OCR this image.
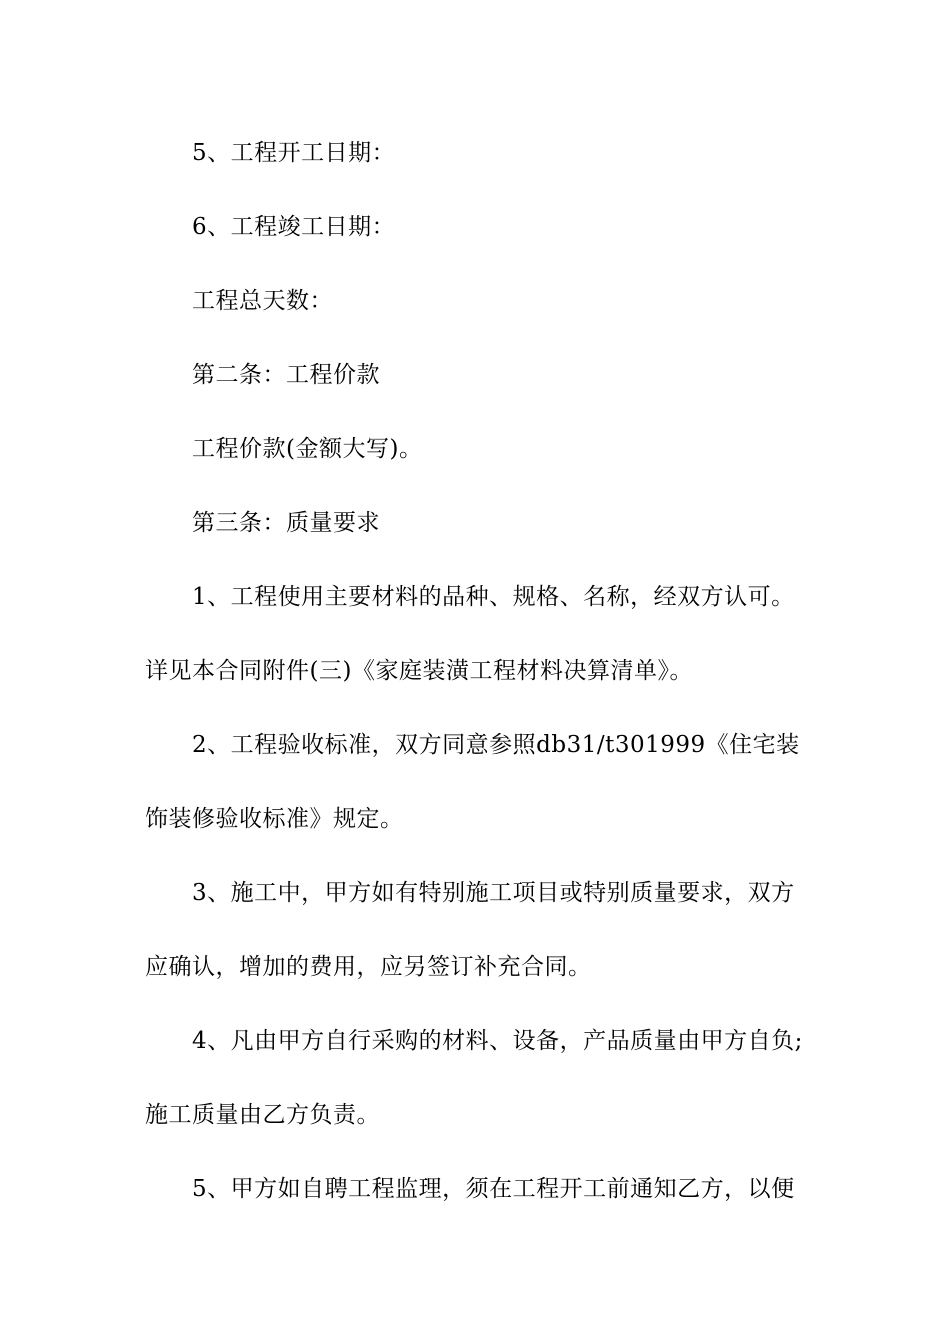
5、工程开工日期：
6、工程竣工日期：
工程总天数：
第二条：工程价款
工程价款(金额大写)。
第三条：质量要求
1、工程使用主要材料的品种、规格、名称，经双方认可。
详见本合同附件(三)《家庭装潢工程材料决算清单》。
2、工程验收标准，双方同意参照db31/t301999《住宅装
饰装修验收标准》规定。
3、施工中，甲方如有特别施工项目或特别质量要求，双方
应确认，增加的费用，应另签订补充合同。
4、凡由甲方自行采购的材料、设备，产品质量由甲方自负;
施工质量由乙方负责。
5、甲方如自聘工程监理，须在工程开工前通知乙方，以便
